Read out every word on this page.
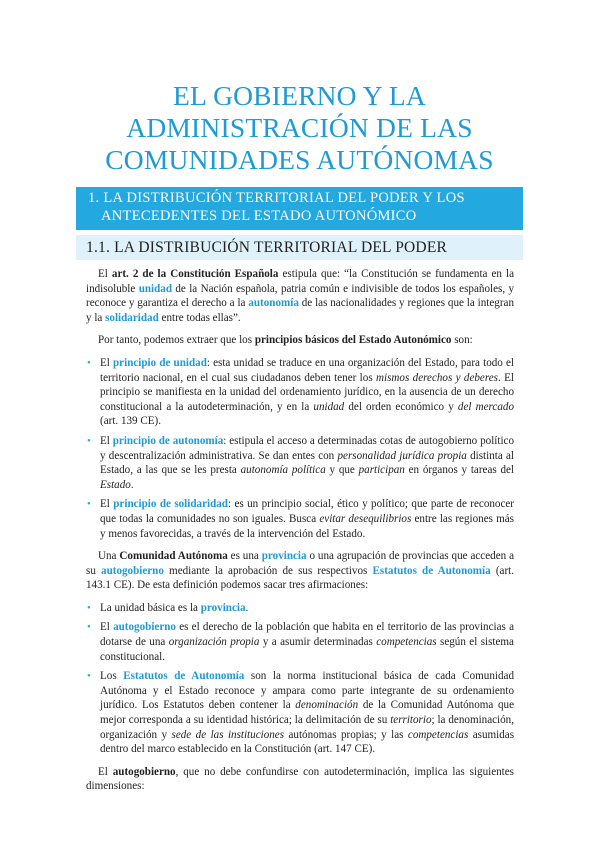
EL GOBIERNO Y LA
ADMINISTRACIÓN DE LAS
COMUNIDADES AUTÓNOMAS
1. LA DISTRIBUCIÓN TERRITORIAL DEL PODER Y LOS
ANTECEDENTES DEL ESTADO AUTONÓMICO
1.1. LA DISTRIBUCIÓN TERRITORIAL DEL PODER

El art. 2 de la Constitución Española estipula que: “la Constitución se fundamenta en la indisoluble unidad de la Nación española, patria común e indivisible de todos los españoles, y reconoce y garantiza el derecho a la autonomía de las nacionalidades y regiones que la integran y la solidaridad entre todas ellas”.

Por tanto, podemos extraer que los principios básicos del Estado Autonómico son:

• El principio de unidad: esta unidad se traduce en una organización del Estado, para todo el territorio nacional, en el cual sus ciudadanos deben tener los mismos derechos y deberes. El principio se manifiesta en la unidad del ordenamiento jurídico, en la ausencia de un derecho constitucional a la autodeterminación, y en la unidad del orden económico y del mercado (art. 139 CE).
• El principio de autonomía: estipula el acceso a determinadas cotas de autogobierno político y descentralización administrativa. Se dan entes con personalidad jurídica propia distinta al Estado, a las que se les presta autonomía política y que participan en órganos y tareas del Estado.
• El principio de solidaridad: es un principio social, ético y político; que parte de reconocer que todas la comunidades no son iguales. Busca evitar desequilibrios entre las regiones más y menos favorecidas, a través de la intervención del Estado.

Una Comunidad Autónoma es una provincia o una agrupación de provincias que acceden a su autogobierno mediante la aprobación de sus respectivos Estatutos de Autonomía (art. 143.1 CE). De esta definición podemos sacar tres afirmaciones:

• La unidad básica es la provincia.
• El autogobierno es el derecho de la población que habita en el territorio de las provincias a dotarse de una organización propia y a asumir determinadas competencias según el sistema constitucional.
• Los Estatutos de Autonomía son la norma institucional básica de cada Comunidad Autónoma y el Estado reconoce y ampara como parte integrante de su ordenamiento jurídico. Los Estatutos deben contener la denominación de la Comunidad Autónoma que mejor corresponda a su identidad histórica; la delimitación de su territorio; la denominación, organización y sede de las instituciones autónomas propias; y las competencias asumidas dentro del marco establecido en la Constitución (art. 147 CE).

El autogobierno, que no debe confundirse con autodeterminación, implica las siguientes dimensiones:
